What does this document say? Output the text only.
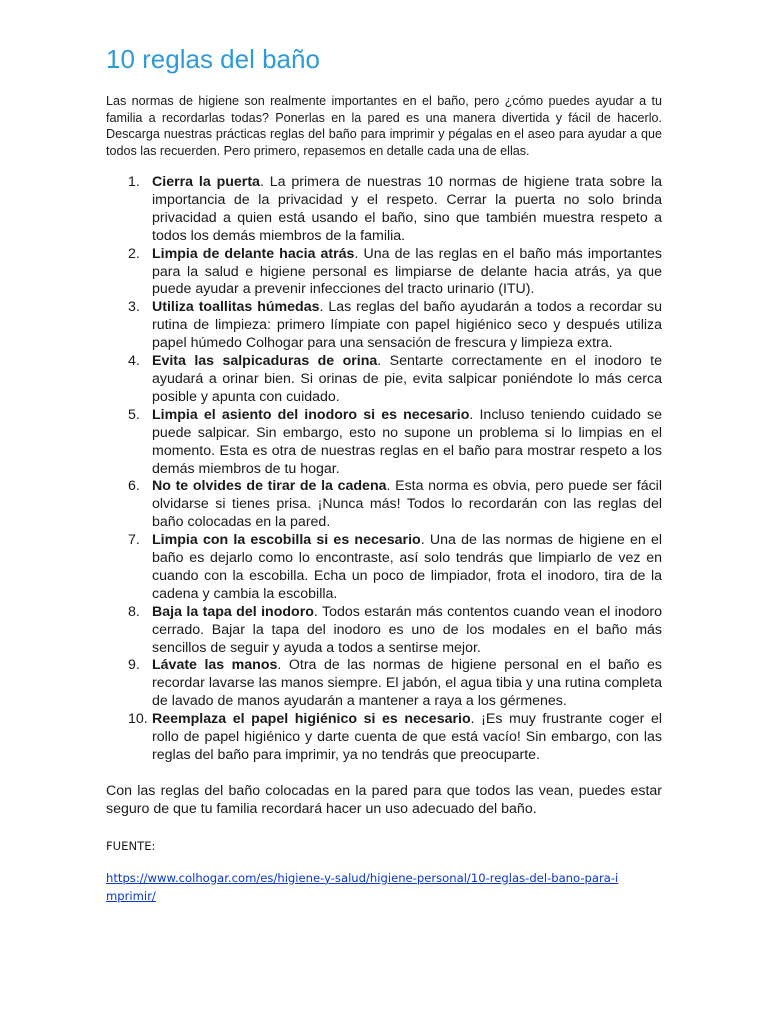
10 reglas del baño

Las normas de higiene son realmente importantes en el baño, pero ¿cómo puedes ayudar a tu familia a recordarlas todas? Ponerlas en la pared es una manera divertida y fácil de hacerlo. Descarga nuestras prácticas reglas del baño para imprimir y pégalas en el aseo para ayudar a que todos las recuerden. Pero primero, repasemos en detalle cada una de ellas.

1. Cierra la puerta. La primera de nuestras 10 normas de higiene trata sobre la importancia de la privacidad y el respeto. Cerrar la puerta no solo brinda privacidad a quien está usando el baño, sino que también muestra respeto a todos los demás miembros de la familia.
2. Limpia de delante hacia atrás. Una de las reglas en el baño más importantes para la salud e higiene personal es limpiarse de delante hacia atrás, ya que puede ayudar a prevenir infecciones del tracto urinario (ITU).
3. Utiliza toallitas húmedas. Las reglas del baño ayudarán a todos a recordar su rutina de limpieza: primero límpiate con papel higiénico seco y después utiliza papel húmedo Colhogar para una sensación de frescura y limpieza extra.
4. Evita las salpicaduras de orina. Sentarte correctamente en el inodoro te ayudará a orinar bien. Si orinas de pie, evita salpicar poniéndote lo más cerca posible y apunta con cuidado.
5. Limpia el asiento del inodoro si es necesario. Incluso teniendo cuidado se puede salpicar. Sin embargo, esto no supone un problema si lo limpias en el momento. Esta es otra de nuestras reglas en el baño para mostrar respeto a los demás miembros de tu hogar.
6. No te olvides de tirar de la cadena. Esta norma es obvia, pero puede ser fácil olvidarse si tienes prisa. ¡Nunca más! Todos lo recordarán con las reglas del baño colocadas en la pared.
7. Limpia con la escobilla si es necesario. Una de las normas de higiene en el baño es dejarlo como lo encontraste, así solo tendrás que limpiarlo de vez en cuando con la escobilla. Echa un poco de limpiador, frota el inodoro, tira de la cadena y cambia la escobilla.
8. Baja la tapa del inodoro. Todos estarán más contentos cuando vean el inodoro cerrado. Bajar la tapa del inodoro es uno de los modales en el baño más sencillos de seguir y ayuda a todos a sentirse mejor.
9. Lávate las manos. Otra de las normas de higiene personal en el baño es recordar lavarse las manos siempre. El jabón, el agua tibia y una rutina completa de lavado de manos ayudarán a mantener a raya a los gérmenes.
10. Reemplaza el papel higiénico si es necesario. ¡Es muy frustrante coger el rollo de papel higiénico y darte cuenta de que está vacío! Sin embargo, con las reglas del baño para imprimir, ya no tendrás que preocuparte.

Con las reglas del baño colocadas en la pared para que todos las vean, puedes estar seguro de que tu familia recordará hacer un uso adecuado del baño.

FUENTE:

https://www.colhogar.com/es/higiene-y-salud/higiene-personal/10-reglas-del-bano-para-imprimir/
